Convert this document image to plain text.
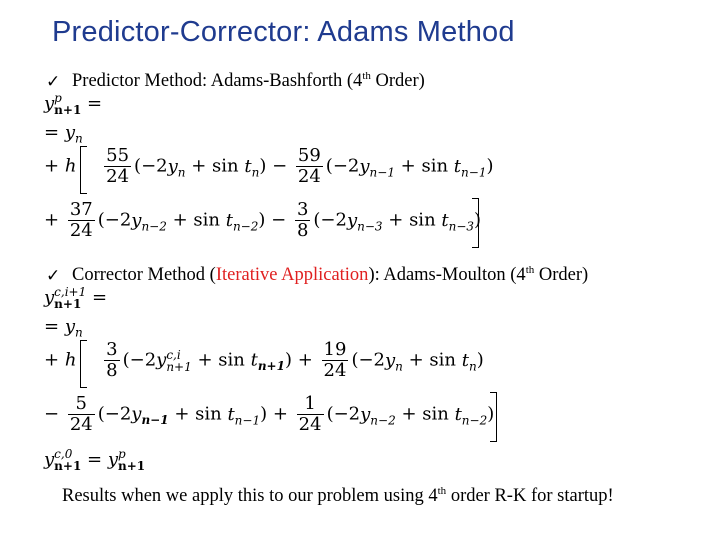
Predictor-Corrector: Adams Method
✓ Predictor Method: Adams-Bashforth (4th Order)
y p
n+1 =
= $y_n$
+ h $\frac{55}{24} (-2y_n + \sin t_n) - \frac{59}{24} (-2y_{n-1} + \sin t_{n-1})$
+ $\frac{37}{24} (-2y_{n-2} + \sin t_{n-2}) - \frac{3}{8} (-2y_{n-3} + \sin t_{n-3})$
✓ Corrector Method (Iterative Application): Adams-Moulton (4th Order)
y c,i+1
n+1 =
= $y_n$
+ h $\frac{3}{8} (-2y$ c,i
$n+1 + \sin t_{n+1}) + \frac{19}{24} (-2y_n + \sin t_n)$
− $\frac{5}{24} (-2y_{n-1} + \sin t_{n-1}) + \frac{1}{24} (-2y_{n-2} + \sin t_{n-2})$
y c,0
n+1 = y p
n+1
Results when we apply this to our problem using 4th order R-K for startup!
